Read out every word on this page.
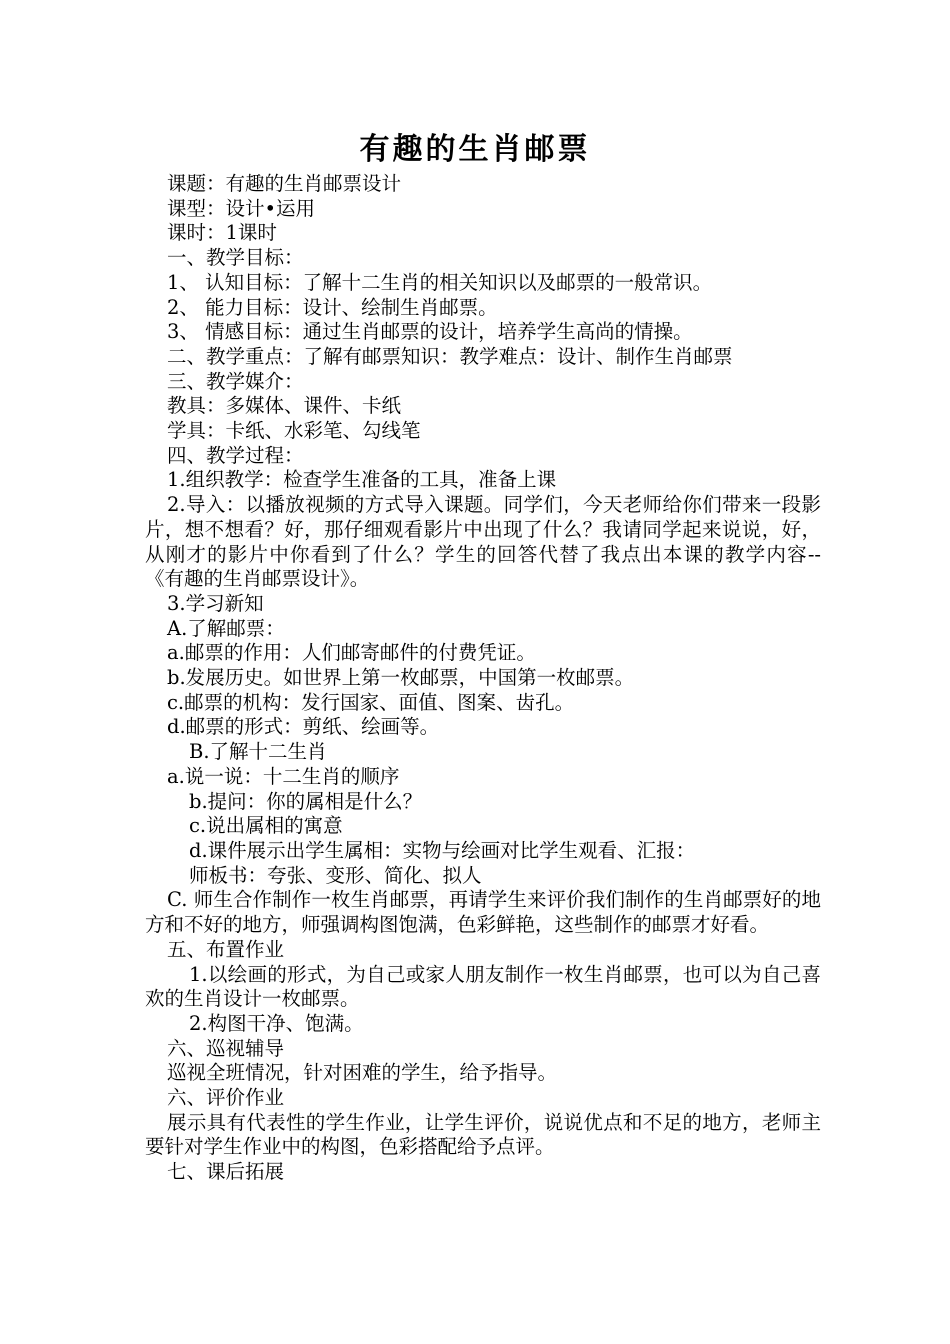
有趣的生肖邮票

课题：有趣的生肖邮票设计

课型：设计•运用

课时：1课时

一、教学目标：

1、 认知目标：了解十二生肖的相关知识以及邮票的一般常识。

2、 能力目标：设计、绘制生肖邮票。

3、 情感目标：通过生肖邮票的设计，培养学生高尚的情操。

二、教学重点：了解有邮票知识：教学难点：设计、制作生肖邮票

三、教学媒介：

教具：多媒体、课件、卡纸

学具：卡纸、水彩笔、勾线笔

四、教学过程：

1.组织教学：检查学生准备的工具，准备上课

2.导入：以播放视频的方式导入课题。同学们，今天老师给你们带来一段影片，想不想看？好，那仔细观看影片中出现了什么？我请同学起来说说，好，从刚才的影片中你看到了什么？学生的回答代替了我点出本课的教学内容--《有趣的生肖邮票设计》。

3.学习新知

A.了解邮票：

a.邮票的作用：人们邮寄邮件的付费凭证。

b.发展历史。如世界上第一枚邮票，中国第一枚邮票。

c.邮票的机构：发行国家、面值、图案、齿孔。

d.邮票的形式：剪纸、绘画等。

B.了解十二生肖

a.说一说：十二生肖的顺序

b.提问：你的属相是什么？

c.说出属相的寓意

d.课件展示出学生属相：实物与绘画对比学生观看、汇报：

师板书：夸张、变形、简化、拟人

C. 师生合作制作一枚生肖邮票，再请学生来评价我们制作的生肖邮票好的地方和不好的地方，师强调构图饱满，色彩鲜艳，这些制作的邮票才好看。

五、布置作业

1.以绘画的形式，为自己或家人朋友制作一枚生肖邮票，也可以为自己喜欢的生肖设计一枚邮票。

2.构图干净、饱满。

六、巡视辅导

巡视全班情况，针对困难的学生，给予指导。

六、评价作业

展示具有代表性的学生作业，让学生评价，说说优点和不足的地方，老师主要针对学生作业中的构图，色彩搭配给予点评。

七、课后拓展
